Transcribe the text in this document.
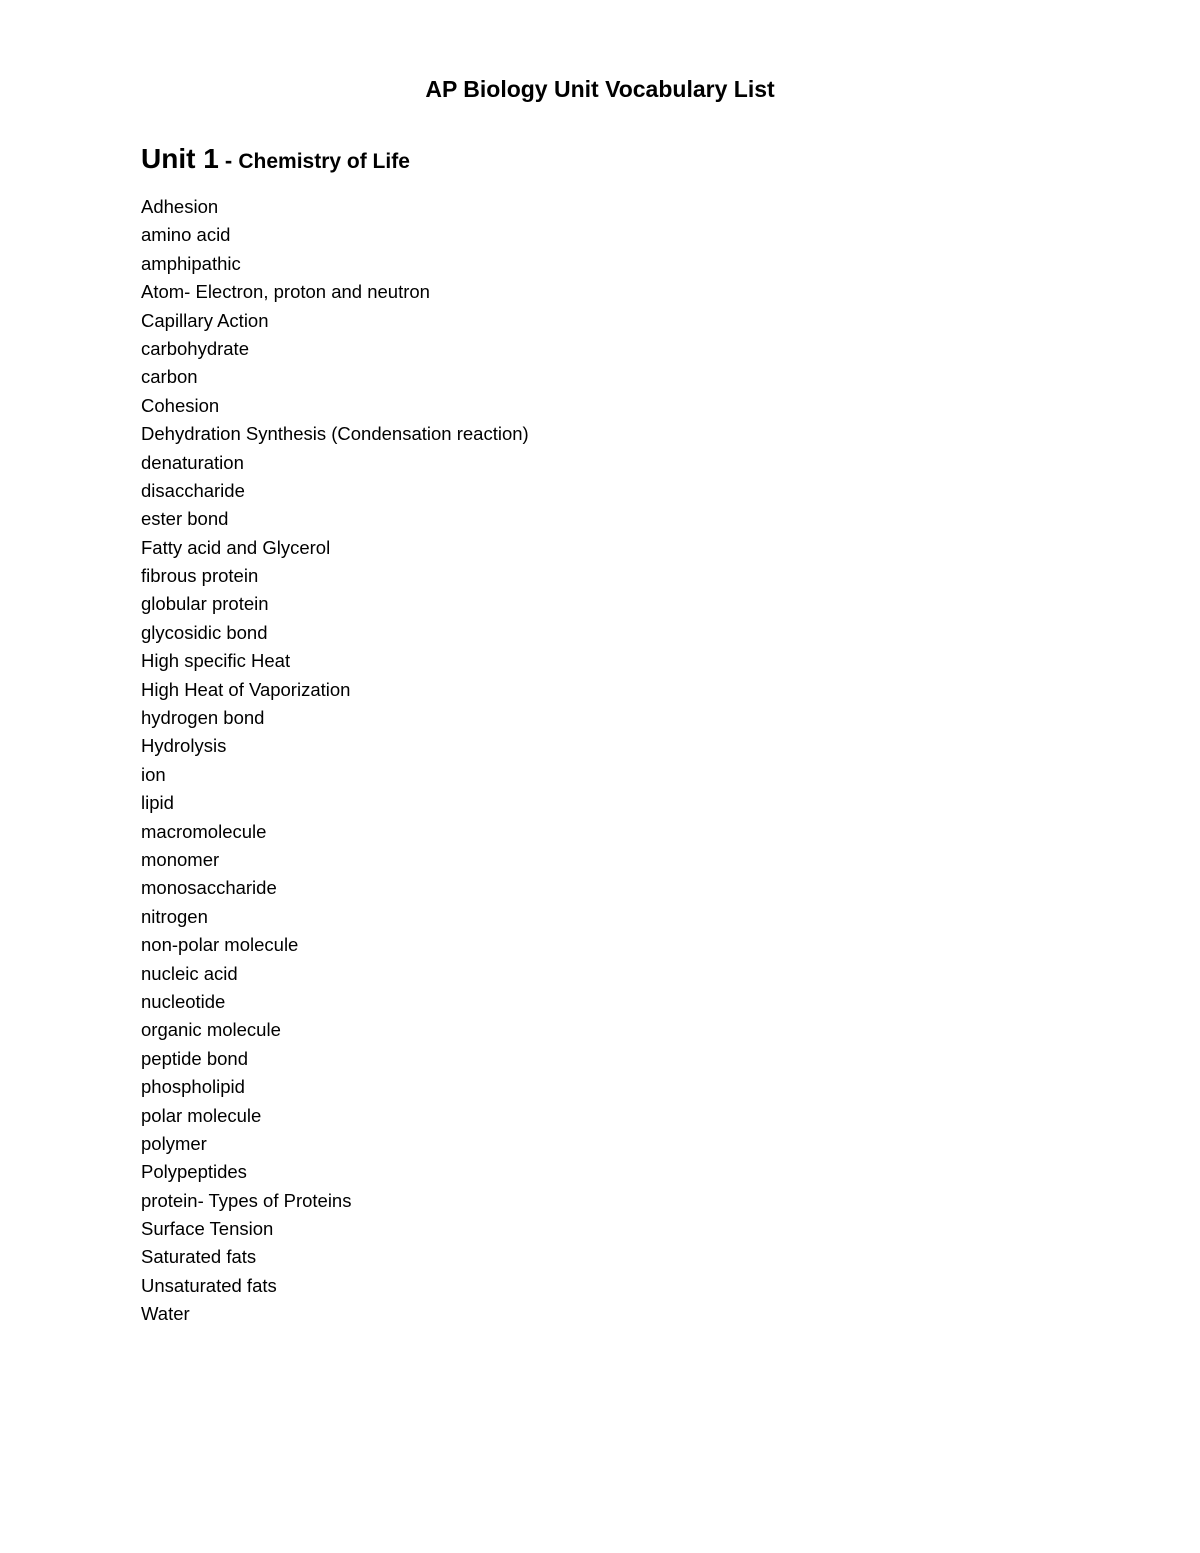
AP Biology Unit Vocabulary List
Unit 1 - Chemistry of Life
Adhesion
amino acid
amphipathic
Atom- Electron, proton and neutron
Capillary Action
carbohydrate
carbon
Cohesion
Dehydration Synthesis (Condensation reaction)
denaturation
disaccharide
ester bond
Fatty acid and Glycerol
fibrous protein
globular protein
glycosidic bond
High specific Heat
High Heat of Vaporization
hydrogen bond
Hydrolysis
ion
lipid
macromolecule
monomer
monosaccharide
nitrogen
non-polar molecule
nucleic acid
nucleotide
organic molecule
peptide bond
phospholipid
polar molecule
polymer
Polypeptides
protein- Types of Proteins
Surface Tension
Saturated fats
Unsaturated fats
Water
